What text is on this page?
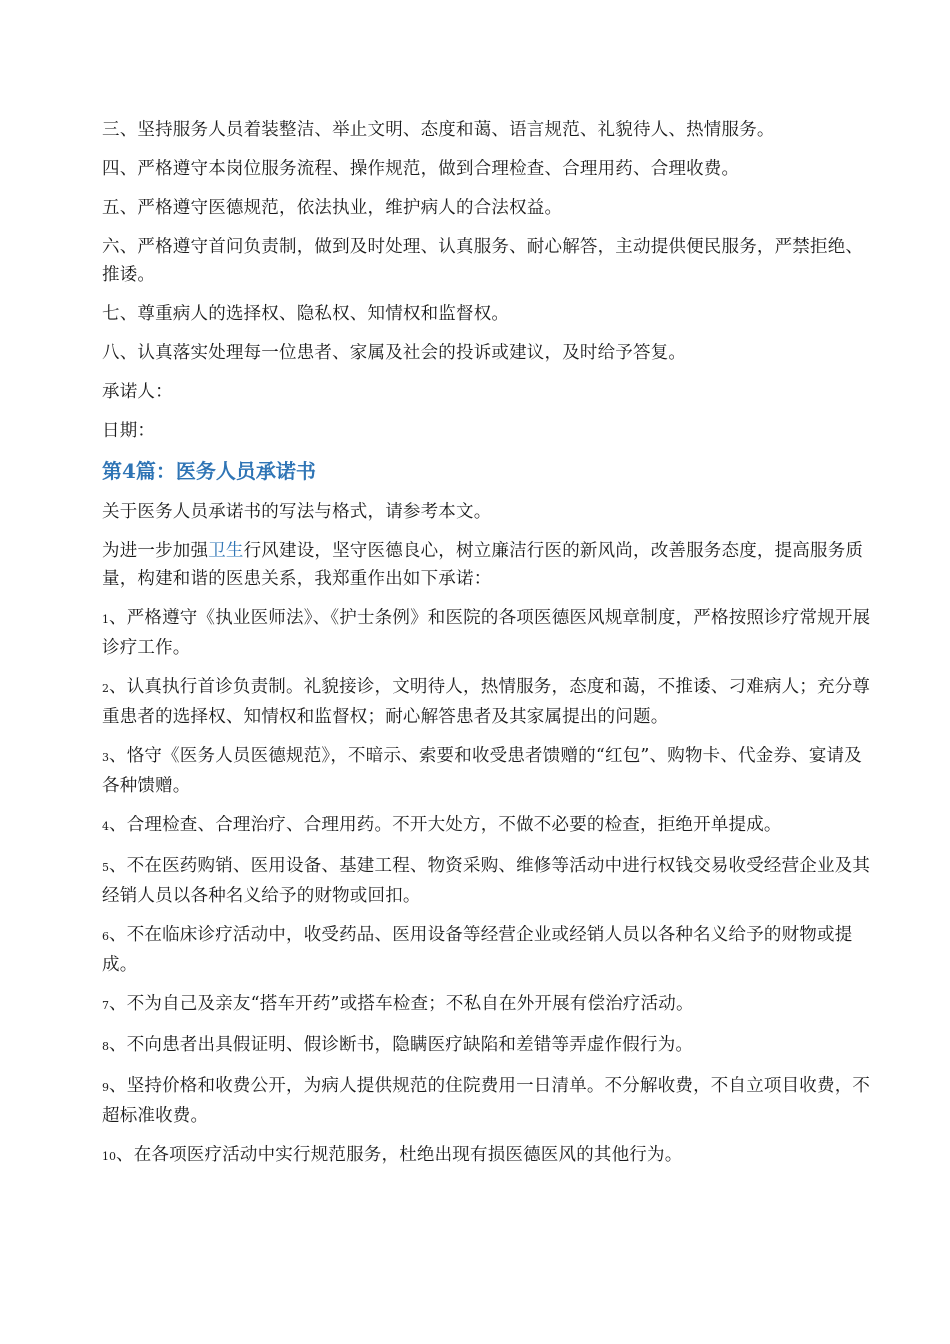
三、坚持服务人员着装整洁、举止文明、态度和蔼、语言规范、礼貌待人、热情服务。

四、严格遵守本岗位服务流程、操作规范，做到合理检查、合理用药、合理收费。

五、严格遵守医德规范，依法执业，维护病人的合法权益。

六、严格遵守首问负责制，做到及时处理、认真服务、耐心解答，主动提供便民服务，严禁拒绝、推诿。

七、尊重病人的选择权、隐私权、知情权和监督权。

八、认真落实处理每一位患者、家属及社会的投诉或建议，及时给予答复。

承诺人：

日期：

第4篇：医务人员承诺书

关于医务人员承诺书的写法与格式，请参考本文。

为进一步加强卫生行风建设，坚守医德良心，树立廉洁行医的新风尚，改善服务态度，提高服务质量，构建和谐的医患关系，我郑重作出如下承诺：

1、严格遵守《执业医师法》、《护士条例》和医院的各项医德医风规章制度，严格按照诊疗常规开展诊疗工作。

2、认真执行首诊负责制。礼貌接诊，文明待人，热情服务，态度和蔼，不推诿、刁难病人；充分尊重患者的选择权、知情权和监督权；耐心解答患者及其家属提出的问题。

3、恪守《医务人员医德规范》，不暗示、索要和收受患者馈赠的“红包”、购物卡、代金券、宴请及各种馈赠。

4、合理检查、合理治疗、合理用药。不开大处方，不做不必要的检查，拒绝开单提成。

5、不在医药购销、医用设备、基建工程、物资采购、维修等活动中进行权钱交易收受经营企业及其经销人员以各种名义给予的财物或回扣。

6、不在临床诊疗活动中，收受药品、医用设备等经营企业或经销人员以各种名义给予的财物或提成。

7、不为自己及亲友“搭车开药”或搭车检查；不私自在外开展有偿治疗活动。

8、不向患者出具假证明、假诊断书，隐瞒医疗缺陷和差错等弄虚作假行为。

9、坚持价格和收费公开，为病人提供规范的住院费用一日清单。不分解收费，不自立项目收费，不超标准收费。

10、在各项医疗活动中实行规范服务，杜绝出现有损医德医风的其他行为。
